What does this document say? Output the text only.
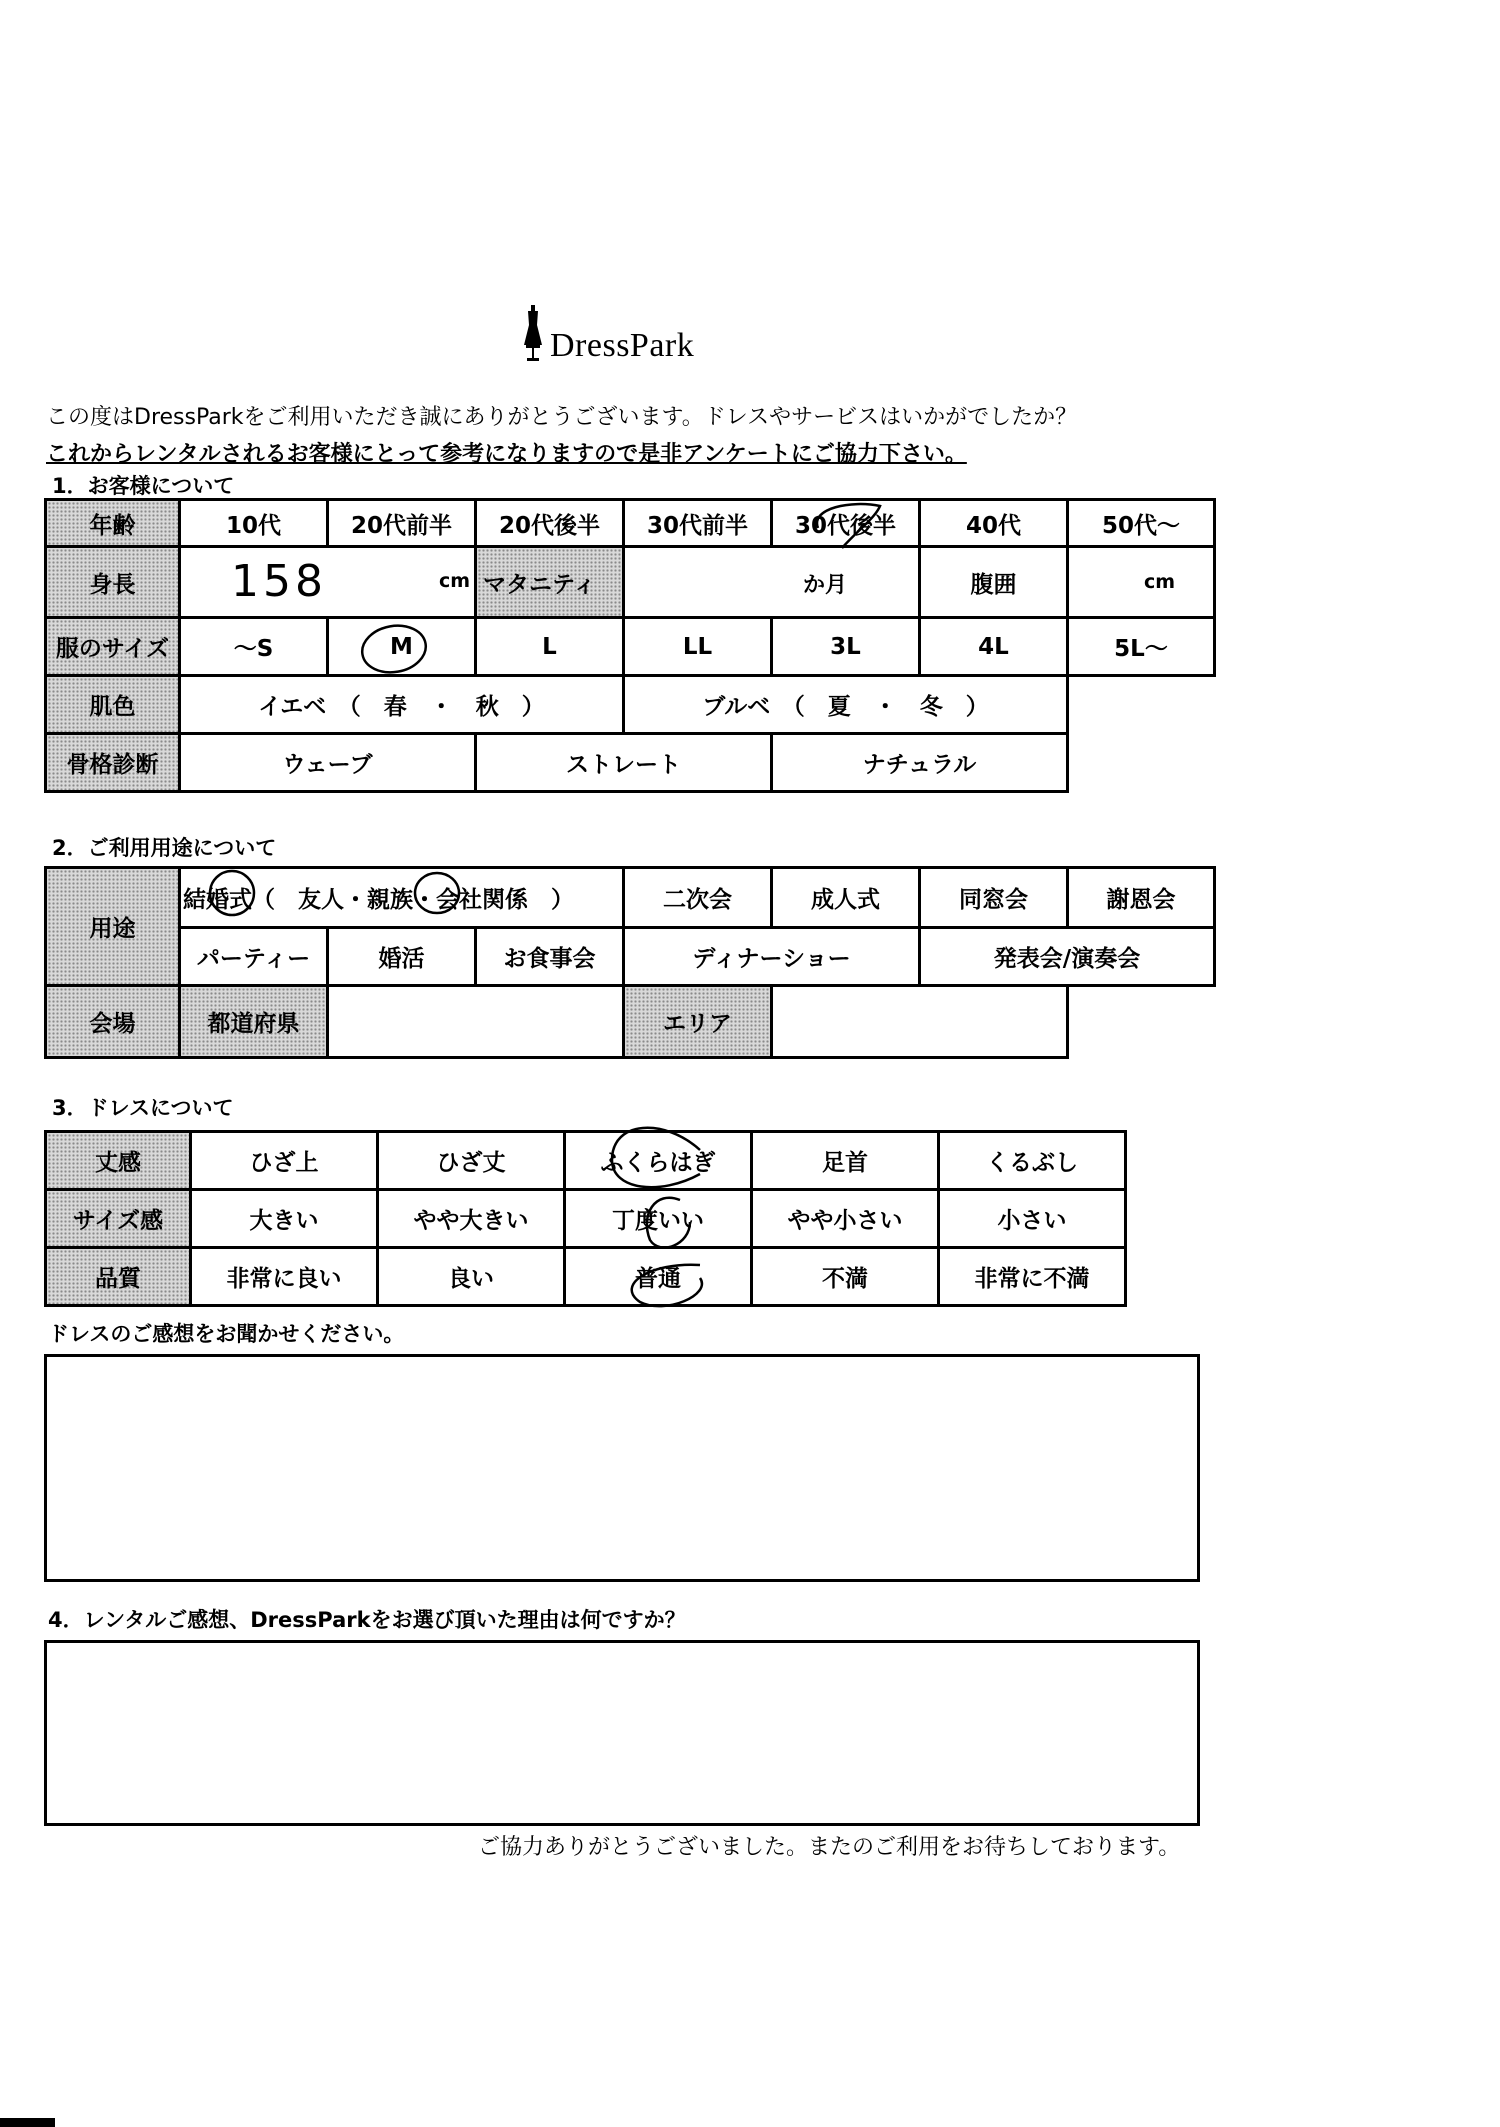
DressPark
この度はDressParkをご利用いただき誠にありがとうございます。ドレスやサービスはいかがでしたか？
これからレンタルされるお客様にとって参考になりますので是非アンケートにご協力下さい。
1．お客様について
年齢	10代	20代前半	20代後半	30代前半	30代後半	40代	50代～
身長	158 cm		マタニティ	か月		腹囲	cm
服のサイズ	～S	M	L	LL	3L	4L	5L～
肌色	イエベ　（　春　・　秋　）			ブルベ　（　夏　・　冬　）			
骨格診断	ウェーブ		ストレート		ナチュラル		
2．ご利用用途について
用途	結婚式（　友人・親族・会社関係　）			二次会	成人式	同窓会	謝恩会
	パーティー	婚活	お食事会	ディナーショー		発表会/演奏会	
会場	都道府県			エリア			
3．ドレスについて
丈感	ひざ上	ひざ丈	ふくらはぎ	足首	くるぶし
サイズ感	大きい	やや大きい	丁度いい	やや小さい	小さい
品質	非常に良い	良い	普通	不満	非常に不満
ドレスのご感想をお聞かせください。
4．レンタルご感想、DressParkをお選び頂いた理由は何ですか？
ご協力ありがとうございました。またのご利用をお待ちしております。
